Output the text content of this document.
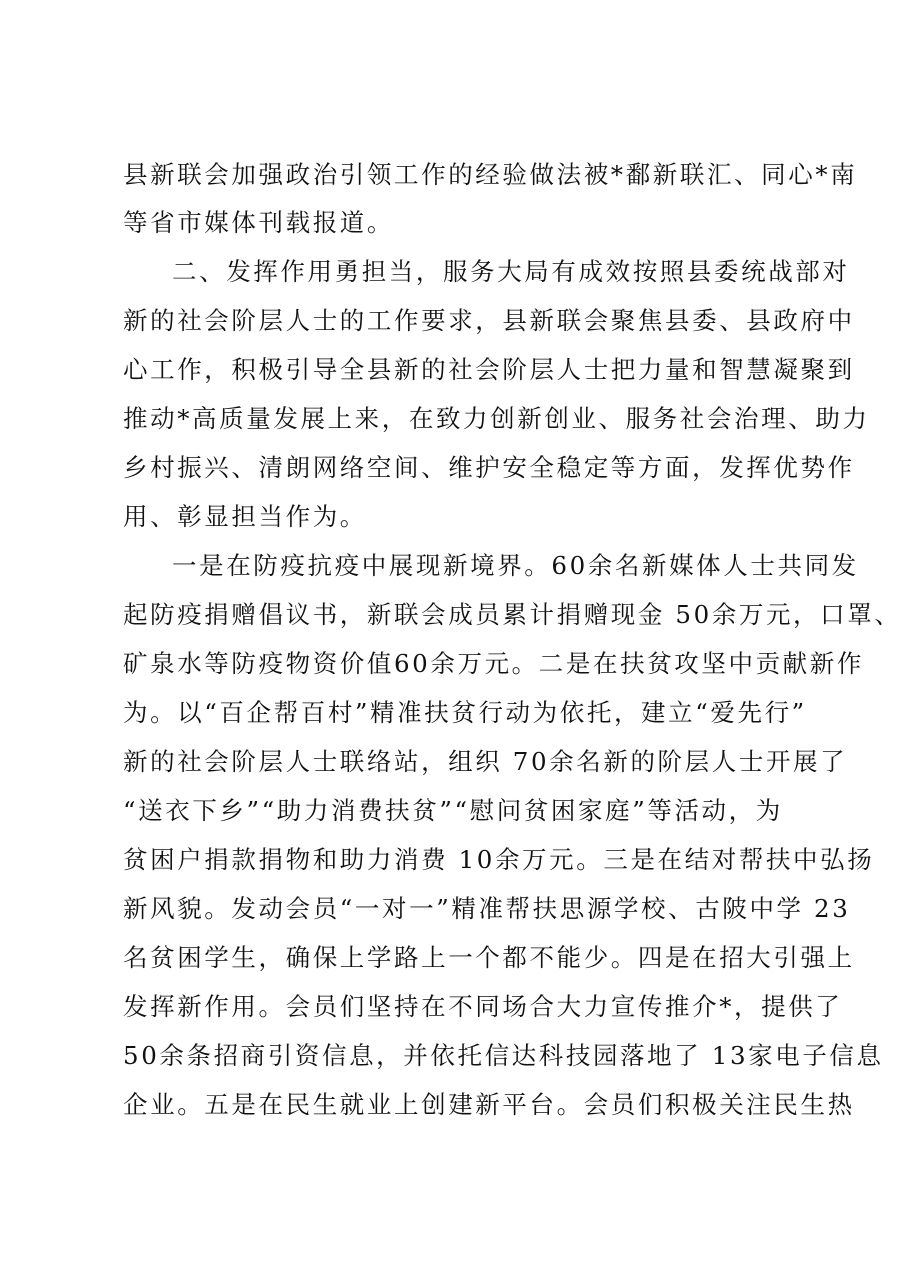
县新联会加强政治引领工作的经验做法被*鄱新联汇、同心*南
等省市媒体刊载报道。
二、发挥作用勇担当，服务大局有成效按照县委统战部对
新的社会阶层人士的工作要求，县新联会聚焦县委、县政府中
心工作，积极引导全县新的社会阶层人士把力量和智慧凝聚到
推动*高质量发展上来，在致力创新创业、服务社会治理、助力
乡村振兴、清朗网络空间、维护安全稳定等方面，发挥优势作
用、彰显担当作为。
一是在防疫抗疫中展现新境界。60余名新媒体人士共同发
起防疫捐赠倡议书，新联会成员累计捐赠现金 50余万元，口罩、
矿泉水等防疫物资价值60余万元。二是在扶贫攻坚中贡献新作
为。以“百企帮百村”精准扶贫行动为依托，建立“爱先行”
新的社会阶层人士联络站，组织 70余名新的阶层人士开展了
“送衣下乡”“助力消费扶贫”“慰问贫困家庭”等活动，为
贫困户捐款捐物和助力消费 10余万元。三是在结对帮扶中弘扬
新风貌。发动会员“一对一”精准帮扶思源学校、古陂中学 23
名贫困学生，确保上学路上一个都不能少。四是在招大引强上
发挥新作用。会员们坚持在不同场合大力宣传推介*，提供了
50余条招商引资信息，并依托信达科技园落地了 13家电子信息
企业。五是在民生就业上创建新平台。会员们积极关注民生热
